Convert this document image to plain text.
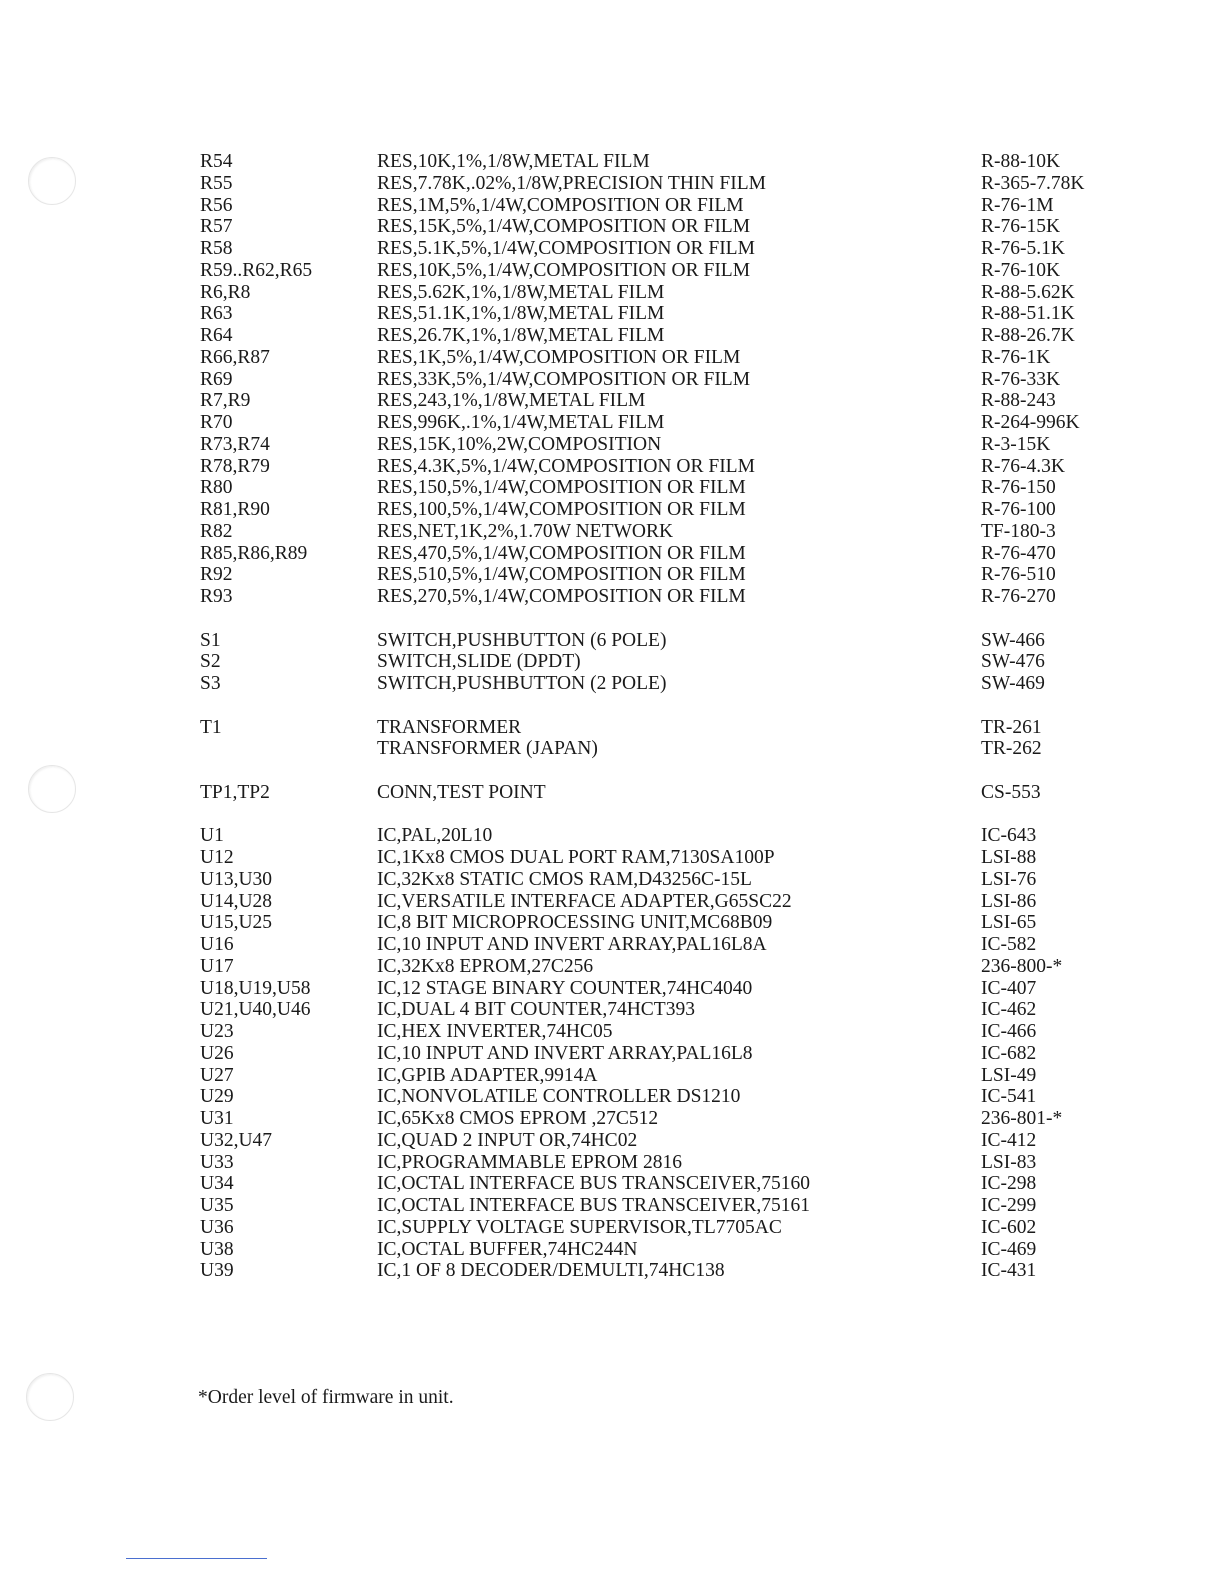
R54	RES,10K,1%,1/8W,METAL FILM	R-88-10K
R55	RES,7.78K,.02%,1/8W,PRECISION THIN FILM	R-365-7.78K
R56	RES,1M,5%,1/4W,COMPOSITION OR FILM	R-76-1M
R57	RES,15K,5%,1/4W,COMPOSITION OR FILM	R-76-15K
R58	RES,5.1K,5%,1/4W,COMPOSITION OR FILM	R-76-5.1K
R59..R62,R65	RES,10K,5%,1/4W,COMPOSITION OR FILM	R-76-10K
R6,R8	RES,5.62K,1%,1/8W,METAL FILM	R-88-5.62K
R63	RES,51.1K,1%,1/8W,METAL FILM	R-88-51.1K
R64	RES,26.7K,1%,1/8W,METAL FILM	R-88-26.7K
R66,R87	RES,1K,5%,1/4W,COMPOSITION OR FILM	R-76-1K
R69	RES,33K,5%,1/4W,COMPOSITION OR FILM	R-76-33K
R7,R9	RES,243,1%,1/8W,METAL FILM	R-88-243
R70	RES,996K,.1%,1/4W,METAL FILM	R-264-996K
R73,R74	RES,15K,10%,2W,COMPOSITION	R-3-15K
R78,R79	RES,4.3K,5%,1/4W,COMPOSITION OR FILM	R-76-4.3K
R80	RES,150,5%,1/4W,COMPOSITION OR FILM	R-76-150
R81,R90	RES,100,5%,1/4W,COMPOSITION OR FILM	R-76-100
R82	RES,NET,1K,2%,1.70W NETWORK	TF-180-3
R85,R86,R89	RES,470,5%,1/4W,COMPOSITION OR FILM	R-76-470
R92	RES,510,5%,1/4W,COMPOSITION OR FILM	R-76-510
R93	RES,270,5%,1/4W,COMPOSITION OR FILM	R-76-270

S1	SWITCH,PUSHBUTTON (6 POLE)	SW-466
S2	SWITCH,SLIDE (DPDT)	SW-476
S3	SWITCH,PUSHBUTTON (2 POLE)	SW-469

T1	TRANSFORMER	TR-261
	TRANSFORMER (JAPAN)	TR-262

TP1,TP2	CONN,TEST POINT	CS-553

U1	IC,PAL,20L10	IC-643
U12	IC,1Kx8 CMOS DUAL PORT RAM,7130SA100P	LSI-88
U13,U30	IC,32Kx8 STATIC CMOS RAM,D43256C-15L	LSI-76
U14,U28	IC,VERSATILE INTERFACE ADAPTER,G65SC22	LSI-86
U15,U25	IC,8 BIT MICROPROCESSING UNIT,MC68B09	LSI-65
U16	IC,10 INPUT AND INVERT ARRAY,PAL16L8A	IC-582
U17	IC,32Kx8 EPROM,27C256	236-800-*
U18,U19,U58	IC,12 STAGE BINARY COUNTER,74HC4040	IC-407
U21,U40,U46	IC,DUAL 4 BIT COUNTER,74HCT393	IC-462
U23	IC,HEX INVERTER,74HC05	IC-466
U26	IC,10 INPUT AND INVERT ARRAY,PAL16L8	IC-682
U27	IC,GPIB ADAPTER,9914A	LSI-49
U29	IC,NONVOLATILE CONTROLLER DS1210	IC-541
U31	IC,65Kx8 CMOS EPROM ,27C512	236-801-*
U32,U47	IC,QUAD 2 INPUT OR,74HC02	IC-412
U33	IC,PROGRAMMABLE EPROM 2816	LSI-83
U34	IC,OCTAL INTERFACE BUS TRANSCEIVER,75160	IC-298
U35	IC,OCTAL INTERFACE BUS TRANSCEIVER,75161	IC-299
U36	IC,SUPPLY VOLTAGE SUPERVISOR,TL7705AC	IC-602
U38	IC,OCTAL BUFFER,74HC244N	IC-469
U39	IC,1 OF 8 DECODER/DEMULTI,74HC138	IC-431
*Order level of firmware in unit.
